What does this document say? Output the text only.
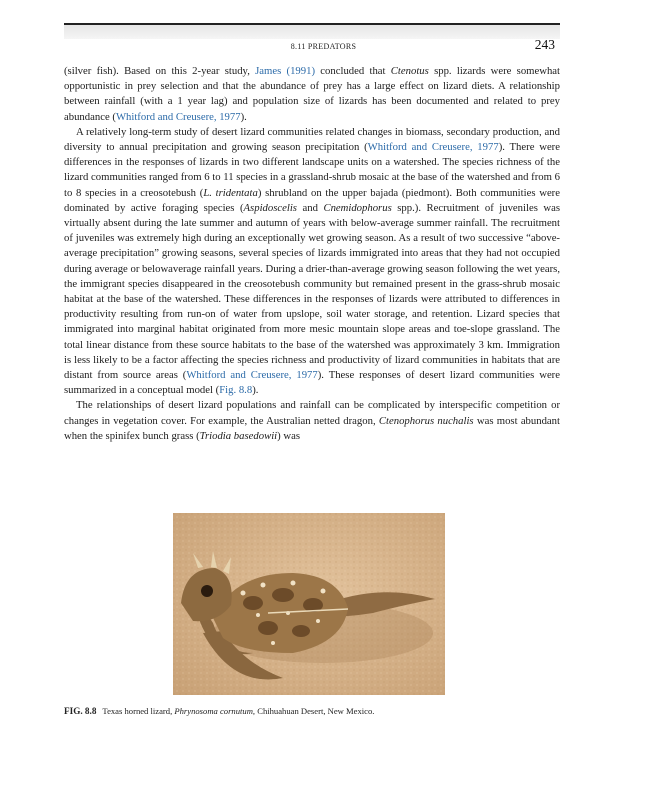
8.11 PREDATORS	243

(silver fish). Based on this 2-year study, James (1991) concluded that Ctenotus spp. lizards were somewhat opportunistic in prey selection and that the abundance of prey has a large effect on lizard diets. A relationship between rainfall (with a 1 year lag) and population size of lizards has been documented and related to prey abundance (Whitford and Creusere, 1977).

A relatively long-term study of desert lizard communities related changes in biomass, secondary production, and diversity to annual precipitation and growing season precipitation (Whitford and Creusere, 1977). There were differences in the responses of lizards in two different landscape units on a watershed. The species richness of the lizard communities ranged from 6 to 11 species in a grassland-shrub mosaic at the base of the watershed and from 6 to 8 species in a creosotebush (L. tridentata) shrubland on the upper bajada (piedmont). Both communities were dominated by active foraging species (Aspidoscelis and Cnemidophorus spp.). Recruitment of juveniles was virtually absent during the late summer and autumn of years with below-average summer rainfall. The recruitment of juveniles was extremely high during an exceptionally wet growing season. As a result of two successive “above-average precipitation” growing seasons, several species of lizards immigrated into areas that they had not occupied during average or belowaverage rainfall years. During a drier-than-average growing season following the wet years, the immigrant species disappeared in the creosotebush community but remained present in the grass-shrub mosaic habitat at the base of the watershed. These differences in the responses of lizards were attributed to differences in productivity resulting from run-on of water from upslope, soil water storage, and retention. Lizard species that immigrated into marginal habitat originated from more mesic mountain slope areas and toe-slope grassland. The total linear distance from these source habitats to the base of the watershed was approximately 3 km. Immigration is less likely to be a factor affecting the species richness and productivity of lizard communities in habitats that are distant from source areas (Whitford and Creusere, 1977). These responses of desert lizard communities were summarized in a conceptual model (Fig. 8.8).

The relationships of desert lizard populations and rainfall can be complicated by interspecific competition or changes in vegetation cover. For example, the Australian netted dragon, Ctenophorus nuchalis was most abundant when the spinifex bunch grass (Triodia basedowii) was

FIG. 8.8 Texas horned lizard, Phrynosoma cornutum, Chihuahuan Desert, New Mexico.
